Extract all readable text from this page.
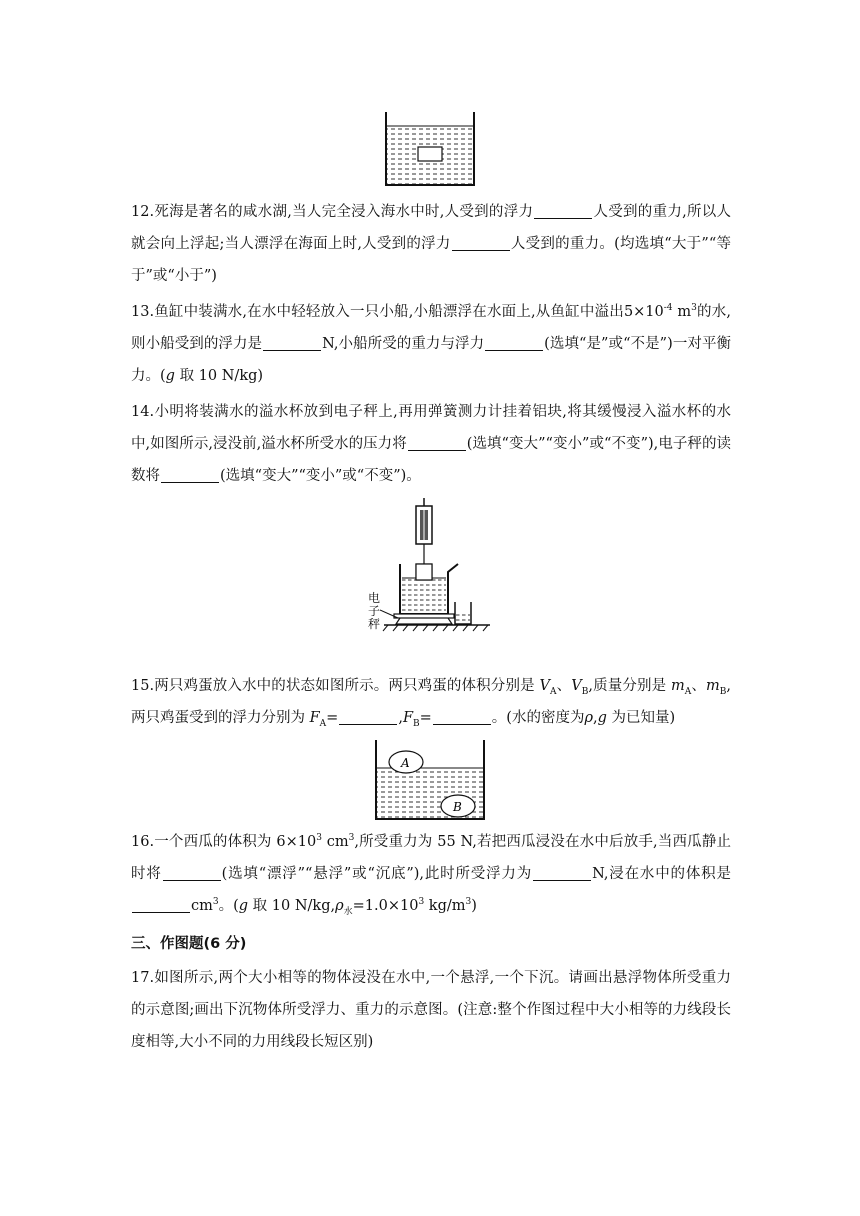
12.死海是著名的咸水湖,当人完全浸入海水中时,人受到的浮力	人受到的重力,所以人就会向上浮起;当人漂浮在海面上时,人受到的浮力	人受到的重力。(均选填“大于”“等于”或“小于”)

13.鱼缸中装满水,在水中轻轻放入一只小船,小船漂浮在水面上,从鱼缸中溢出$5\times 10^{-4}$ $m^3$的水,则小船受到的浮力是	N,小船所受的重力与浮力	(选填“是”或“不是”)一对平衡力。(g 取 10 N/kg)

14.小明将装满水的溢水杯放到电子秤上,再用弹簧测力计挂着铝块,将其缓慢浸入溢水杯的水中,如图所示,浸没前,溢水杯所受水的压力将	(选填“变大”“变小”或“不变”),电子秤的读数将	(选填“变大”“变小”或“不变”)。

电子秤

15.两只鸡蛋放入水中的状态如图所示。两只鸡蛋的体积分别是 $V_A$、$V_B$,质量分别是 $m_A$、$m_B$,两只鸡蛋受到的浮力分别为 $F_A=$	$,F_B=$	。(水的密度为ρ,g 为已知量)

A
B

16.一个西瓜的体积为 $6\times 10^3$ $cm^3$,所受重力为 55 N,若把西瓜浸没在水中后放手,当西瓜静止时将	(选填“漂浮”“悬浮”或“沉底”),此时所受浮力为	N,浸在水中的体积是$cm^3$。(g 取 10 $N/kg,\rho_水=1.0\times 10^3$ $kg/m^3$)

三、作图题(6 分)

17.如图所示,两个大小相等的物体浸没在水中,一个悬浮,一个下沉。请画出悬浮物体所受重力的示意图;画出下沉物体所受浮力、重力的示意图。(注意:整个作图过程中大小相等的力线段长度相等,大小不同的力用线段长短区别)
